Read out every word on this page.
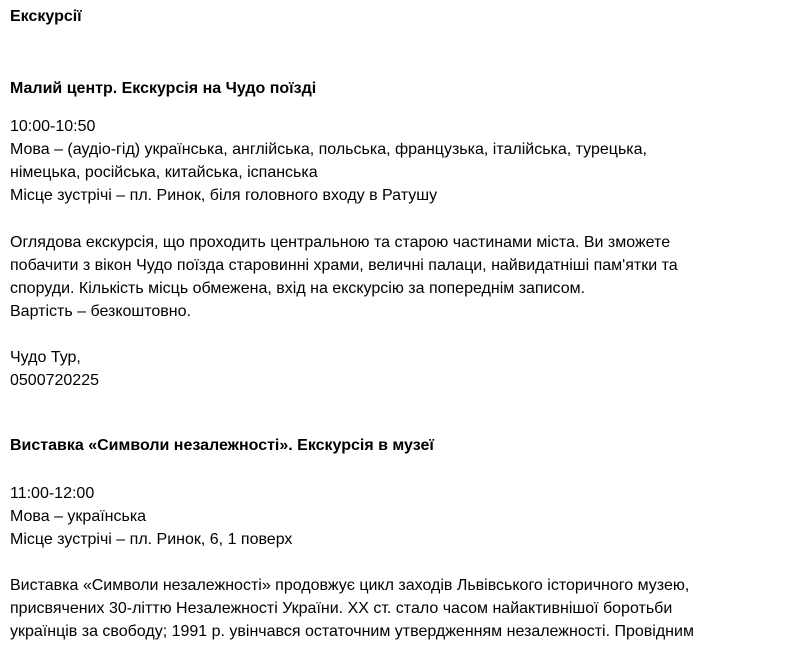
Екскурсії
Малий центр. Екскурсія на Чудо поїзді
10:00-10:50
Мова – (аудіо-гід) українська, англійська, польська, французька, італійська, турецька,
німецька, російська, китайська, іспанська
Місце зустрічі – пл. Ринок, біля головного входу в Ратушу
Оглядова екскурсія, що проходить центральною та старою частинами міста. Ви зможете
побачити з вікон Чудо поїзда старовинні храми, величні палаци, найвидатніші пам'ятки та
споруди. Кількість місць обмежена, вхід на екскурсію за попереднім записом.
Вартість – безкоштовно.
Чудо Тур,
0500720225
Виставка «Символи незалежності». Екскурсія в музеї
11:00-12:00
Мова – українська
Місце зустрічі – пл. Ринок, 6, 1 поверх
Виставка «Символи незалежності» продовжує цикл заходів Львівського історичного музею,
присвячених 30-літтю Незалежності України. XX ст. стало часом найактивнішої боротьби
українців за свободу; 1991 р. увінчався остаточним утвердженням незалежності. Провідним
